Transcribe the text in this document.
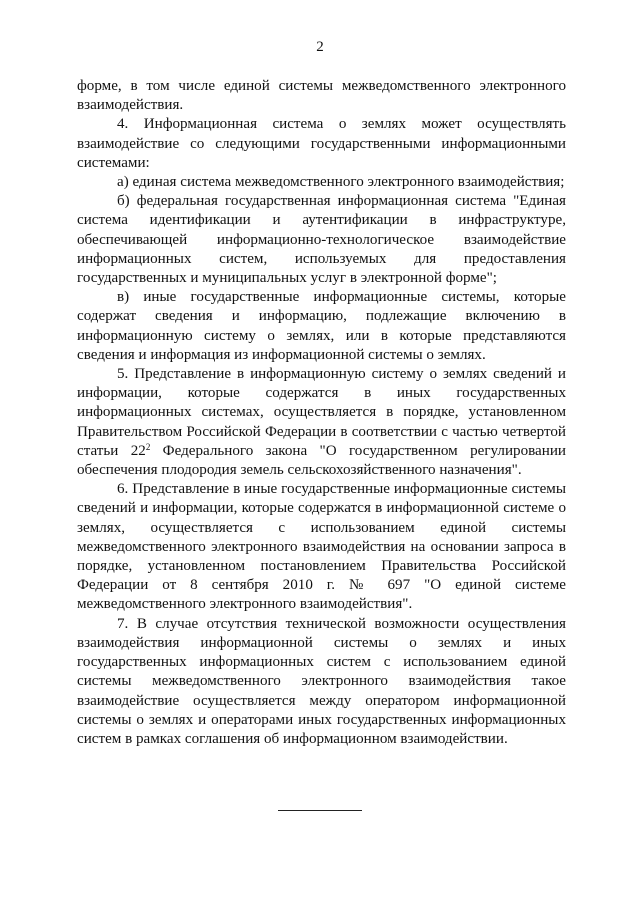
2

форме, в том числе единой системы межведомственного электронного взаимодействия.

4. Информационная система о землях может осуществлять взаимодействие со следующими государственными информационными системами:

а) единая система межведомственного электронного взаимодействия;

б) федеральная государственная информационная система "Единая система идентификации и аутентификации в инфраструктуре, обеспечивающей информационно-технологическое взаимодействие информационных систем, используемых для предоставления государственных и муниципальных услуг в электронной форме";

в) иные государственные информационные системы, которые содержат сведения и информацию, подлежащие включению в информационную систему о землях, или в которые представляются сведения и информация из информационной системы о землях.

5. Представление в информационную систему о землях сведений и информации, которые содержатся в иных государственных информационных системах, осуществляется в порядке, установленном Правительством Российской Федерации в соответствии с частью четвертой статьи $22^2$ Федерального закона "О государственном регулировании обеспечения плодородия земель сельскохозяйственного назначения".

6. Представление в иные государственные информационные системы сведений и информации, которые содержатся в информационной системе о землях, осуществляется с использованием единой системы межведомственного электронного взаимодействия на основании запроса в порядке, установленном постановлением Правительства Российской Федерации от 8 сентября 2010 г. № 697 "О единой системе межведомственного электронного взаимодействия".

7. В случае отсутствия технической возможности осуществления взаимодействия информационной системы о землях и иных государственных информационных систем с использованием единой системы межведомственного электронного взаимодействия такое взаимодействие осуществляется между оператором информационной системы о землях и операторами иных государственных информационных систем в рамках соглашения об информационном взаимодействии.
